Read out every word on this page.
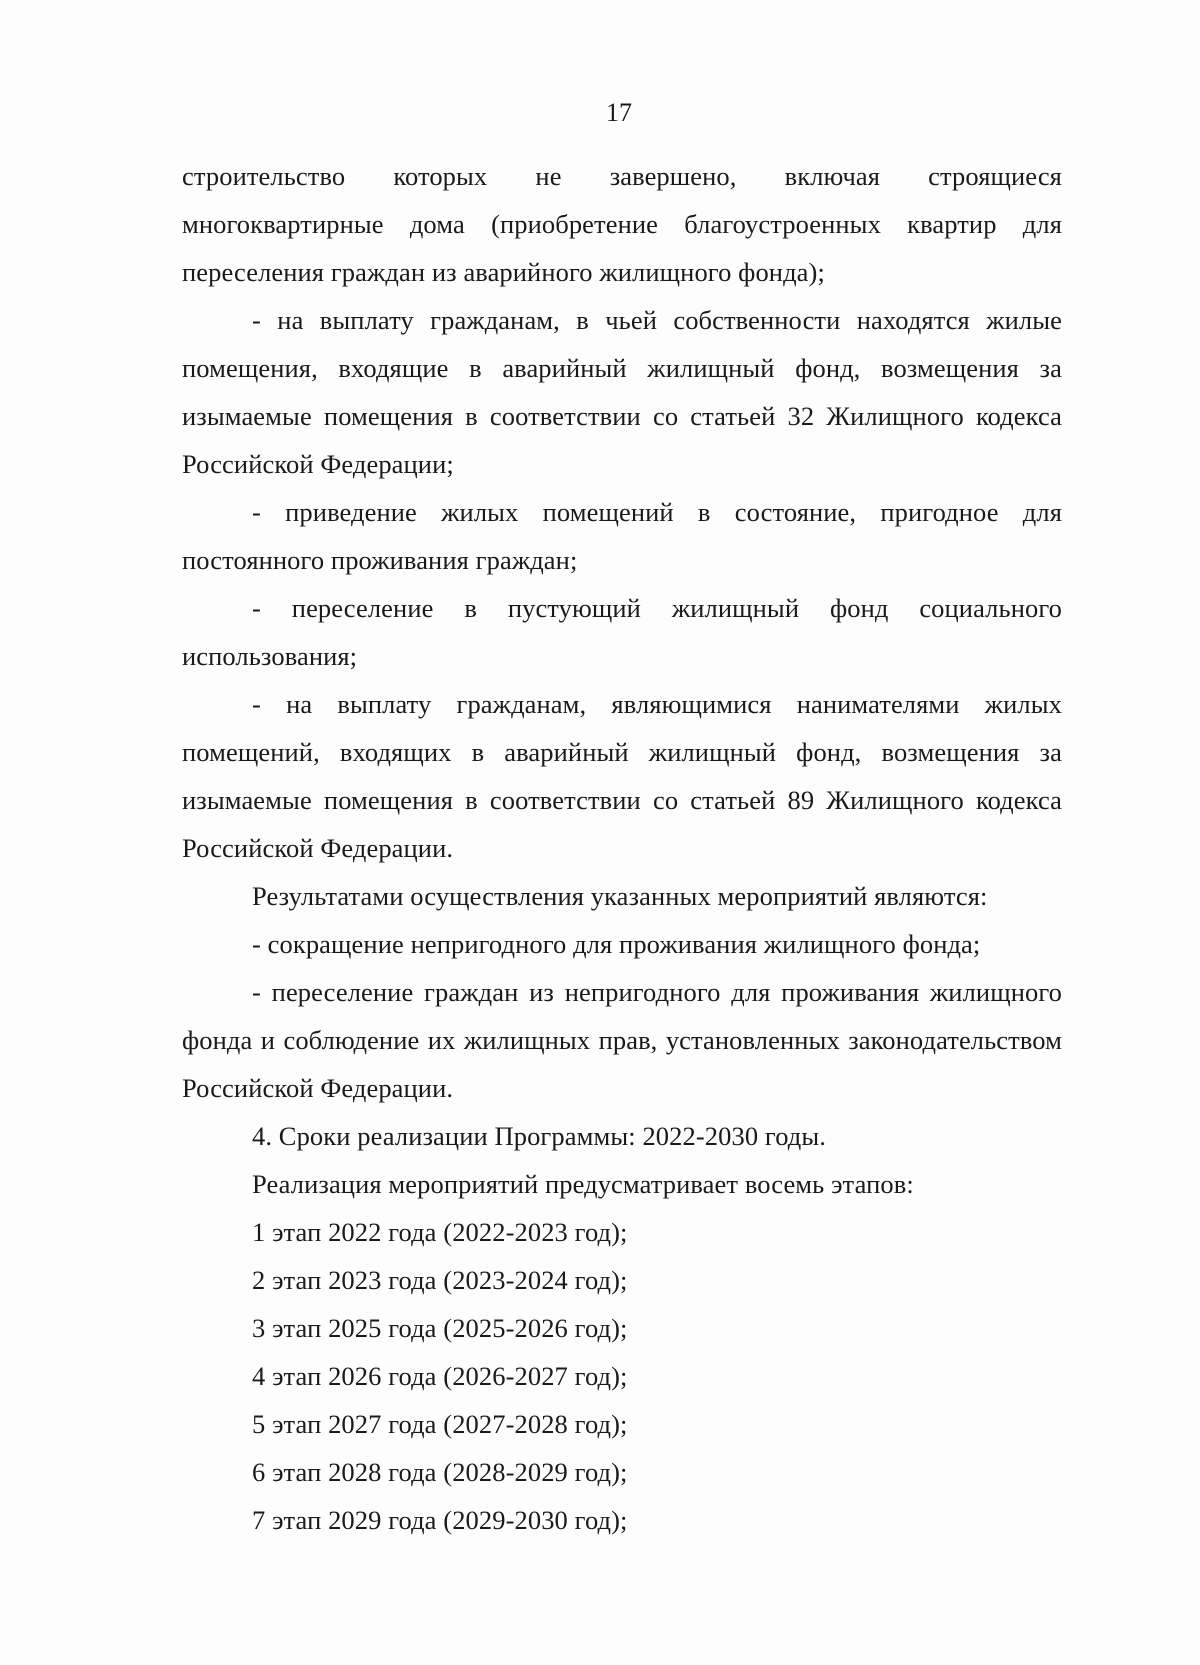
17
строительство которых не завершено, включая строящиеся

многоквартирные дома (приобретение благоустроенных квартир для переселения граждан из аварийного жилищного фонда);

- на выплату гражданам, в чьей собственности находятся жилые помещения, входящие в аварийный жилищный фонд, возмещения за изымаемые помещения в соответствии со статьей 32 Жилищного кодекса Российской Федерации;

- приведение жилых помещений в состояние, пригодное для постоянного проживания граждан;

- переселение в пустующий жилищный фонд социального использования;

- на выплату гражданам, являющимися нанимателями жилых помещений, входящих в аварийный жилищный фонд, возмещения за изымаемые помещения в соответствии со статьей 89 Жилищного кодекса Российской Федерации.

Результатами осуществления указанных мероприятий являются:

- сокращение непригодного для проживания жилищного фонда;

- переселение граждан из непригодного для проживания жилищного фонда и соблюдение их жилищных прав, установленных законодательством Российской Федерации.

4. Сроки реализации Программы: 2022-2030 годы.

Реализация мероприятий предусматривает восемь этапов:

1 этап 2022 года (2022-2023 год);

2 этап 2023 года (2023-2024 год);

3 этап 2025 года (2025-2026 год);

4 этап 2026 года (2026-2027 год);

5 этап 2027 года (2027-2028 год);

6 этап 2028 года (2028-2029 год);

7 этап 2029 года (2029-2030 год);
